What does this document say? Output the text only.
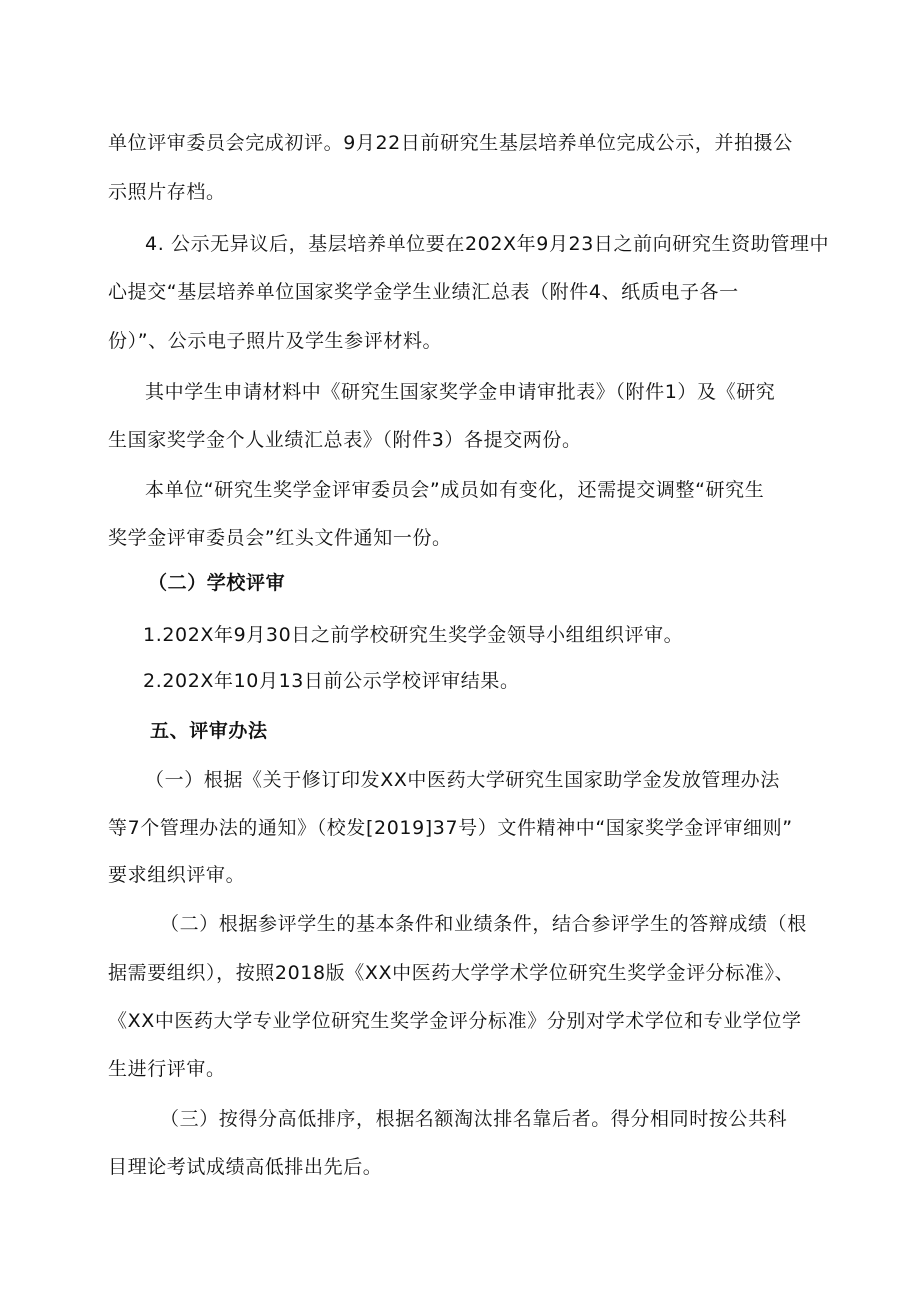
单位评审委员会完成初评。9月22日前研究生基层培养单位完成公示，并拍摄公

示照片存档。

4. 公示无异议后，基层培养单位要在202X年9月23日之前向研究生资助管理中

心提交“基层培养单位国家奖学金学生业绩汇总表（附件4、纸质电子各一

份）”、公示电子照片及学生参评材料。

其中学生申请材料中《研究生国家奖学金申请审批表》（附件1）及《研究

生国家奖学金个人业绩汇总表》（附件3）各提交两份。

本单位“研究生奖学金评审委员会”成员如有变化，还需提交调整“研究生

奖学金评审委员会”红头文件通知一份。

（二）学校评审

1.202X年9月30日之前学校研究生奖学金领导小组组织评审。

2.202X年10月13日前公示学校评审结果。

五、评审办法

（一）根据《关于修订印发XX中医药大学研究生国家助学金发放管理办法

等7个管理办法的通知》（校发[2019]37号）文件精神中“国家奖学金评审细则”

要求组织评审。

（二）根据参评学生的基本条件和业绩条件，结合参评学生的答辩成绩（根

据需要组织），按照2018版《XX中医药大学学术学位研究生奖学金评分标准》、

《XX中医药大学专业学位研究生奖学金评分标准》分别对学术学位和专业学位学

生进行评审。

（三）按得分高低排序，根据名额淘汰排名靠后者。得分相同时按公共科

目理论考试成绩高低排出先后。
